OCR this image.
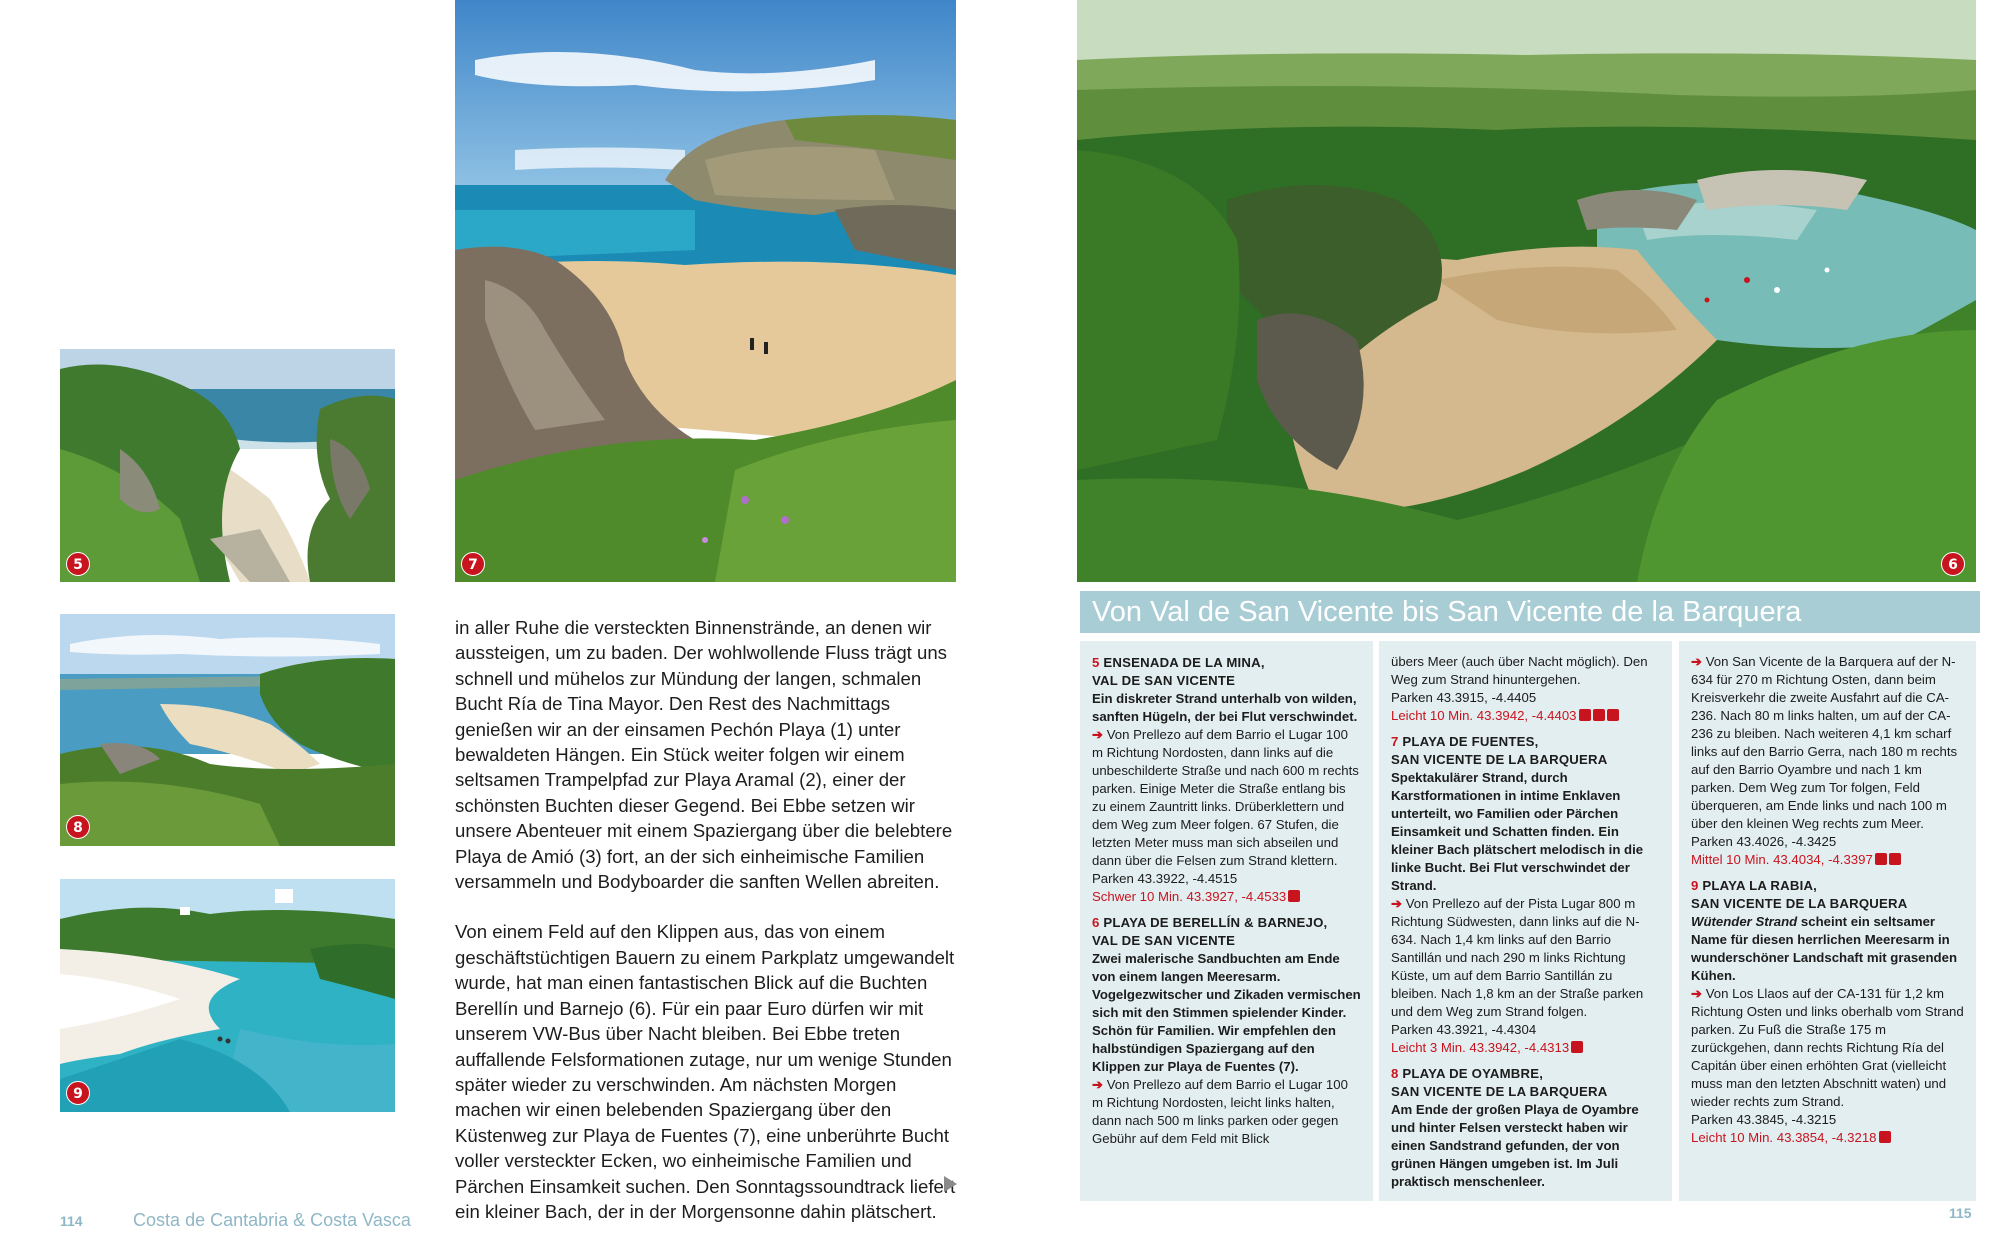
5	7
8
9

in aller Ruhe die versteckten Binnenstrände, an denen wir aussteigen, um zu baden. Der wohlwollende Fluss trägt uns schnell und mühelos zur Mündung der langen, schmalen Bucht Ría de Tina Mayor. Den Rest des Nachmittags genießen wir an der einsamen Pechón Playa (1) unter bewaldeten Hängen. Ein Stück weiter folgen wir einem seltsamen Trampelpfad zur Playa Aramal (2), einer der schönsten Buchten dieser Gegend. Bei Ebbe setzen wir unsere Abenteuer mit einem Spaziergang über die belebtere Playa de Amió (3) fort, an der sich einheimische Familien versammeln und Bodyboarder die sanften Wellen abreiten.

Von einem Feld auf den Klippen aus, das von einem geschäftstüchtigen Bauern zu einem Parkplatz umgewandelt wurde, hat man einen fantastischen Blick auf die Buchten Berellín und Barnejo (6). Für ein paar Euro dürfen wir mit unserem VW-Bus über Nacht bleiben. Bei Ebbe treten auffallende Felsformationen zutage, nur um wenige Stunden später wieder zu verschwinden. Am nächsten Morgen machen wir einen belebenden Spaziergang über den Küstenweg zur Playa de Fuentes (7), eine unberührte Bucht voller versteckter Ecken, wo einheimische Familien und Pärchen Einsamkeit suchen. Den Sonntagssoundtrack liefert ein kleiner Bach, der in der Morgensonne dahin plätschert.

114	Costa de Cantabria & Costa Vasca
6
Von Val de San Vicente bis San Vicente de la Barquera
5 ENSENADA DE LA MINA,
VAL DE SAN VICENTE
Ein diskreter Strand unterhalb von wilden, sanften Hügeln, der bei Flut verschwindet.
➔ Von Prellezo auf dem Barrio el Lugar 100 m Richtung Nordosten, dann links auf die unbeschilderte Straße und nach 600 m rechts parken. Einige Meter die Straße entlang bis zu einem Zauntritt links. Drüberklettern und dem Weg zum Meer folgen. 67 Stufen, die letzten Meter muss man sich abseilen und dann über die Felsen zum Strand klettern.
Parken 43.3922, -4.4515
Schwer 10 Min. 43.3927, -4.4533
6 PLAYA DE BERELLÍN & BARNEJO,
VAL DE SAN VICENTE
Zwei malerische Sandbuchten am Ende von einem langen Meeresarm. Vogelgezwitscher und Zikaden vermischen sich mit den Stimmen spielender Kinder. Schön für Familien. Wir empfehlen den halbstündigen Spaziergang auf den Klippen zur Playa de Fuentes (7).
➔ Von Prellezo auf dem Barrio el Lugar 100 m Richtung Nordosten, leicht links halten, dann nach 500 m links parken oder gegen Gebühr auf dem Feld mit Blick
übers Meer (auch über Nacht möglich). Den Weg zum Strand hinuntergehen.
Parken 43.3915, -4.4405
Leicht 10 Min. 43.3942, -4.4403
7 PLAYA DE FUENTES,
SAN VICENTE DE LA BARQUERA
Spektakulärer Strand, durch Karstformationen in intime Enklaven unterteilt, wo Familien oder Pärchen Einsamkeit und Schatten finden. Ein kleiner Bach plätschert melodisch in die linke Bucht. Bei Flut verschwindet der Strand.
➔ Von Prellezo auf der Pista Lugar 800 m Richtung Südwesten, dann links auf die N-634. Nach 1,4 km links auf den Barrio Santillán und nach 290 m links Richtung Küste, um auf dem Barrio Santillán zu bleiben. Nach 1,8 km an der Straße parken und dem Weg zum Strand folgen.
Parken 43.3921, -4.4304
Leicht 3 Min. 43.3942, -4.4313
8 PLAYA DE OYAMBRE,
SAN VICENTE DE LA BARQUERA
Am Ende der großen Playa de Oyambre und hinter Felsen versteckt haben wir einen Sandstrand gefunden, der von grünen Hängen umgeben ist. Im Juli praktisch menschenleer.
➔ Von San Vicente de la Barquera auf der N-634 für 270 m Richtung Osten, dann beim Kreisverkehr die zweite Ausfahrt auf die CA-236. Nach 80 m links halten, um auf der CA-236 zu bleiben. Nach weiteren 4,1 km scharf links auf den Barrio Gerra, nach 180 m rechts auf den Barrio Oyambre und nach 1 km parken. Dem Weg zum Tor folgen, Feld überqueren, am Ende links und nach 100 m über den kleinen Weg rechts zum Meer.
Parken 43.4026, -4.3425
Mittel 10 Min. 43.4034, -4.3397
9 PLAYA LA RABIA,
SAN VICENTE DE LA BARQUERA
Wütender Strand scheint ein seltsamer Name für diesen herrlichen Meeresarm in wunderschöner Landschaft mit grasenden Kühen.
➔ Von Los Llaos auf der CA-131 für 1,2 km Richtung Osten und links oberhalb vom Strand parken. Zu Fuß die Straße 175 m zurückgehen, dann rechts Richtung Ría del Capitán über einen erhöhten Grat (vielleicht muss man den letzten Abschnitt waten) und wieder rechts zum Strand.
Parken 43.3845, -4.3215
Leicht 10 Min. 43.3854, -4.3218
115
